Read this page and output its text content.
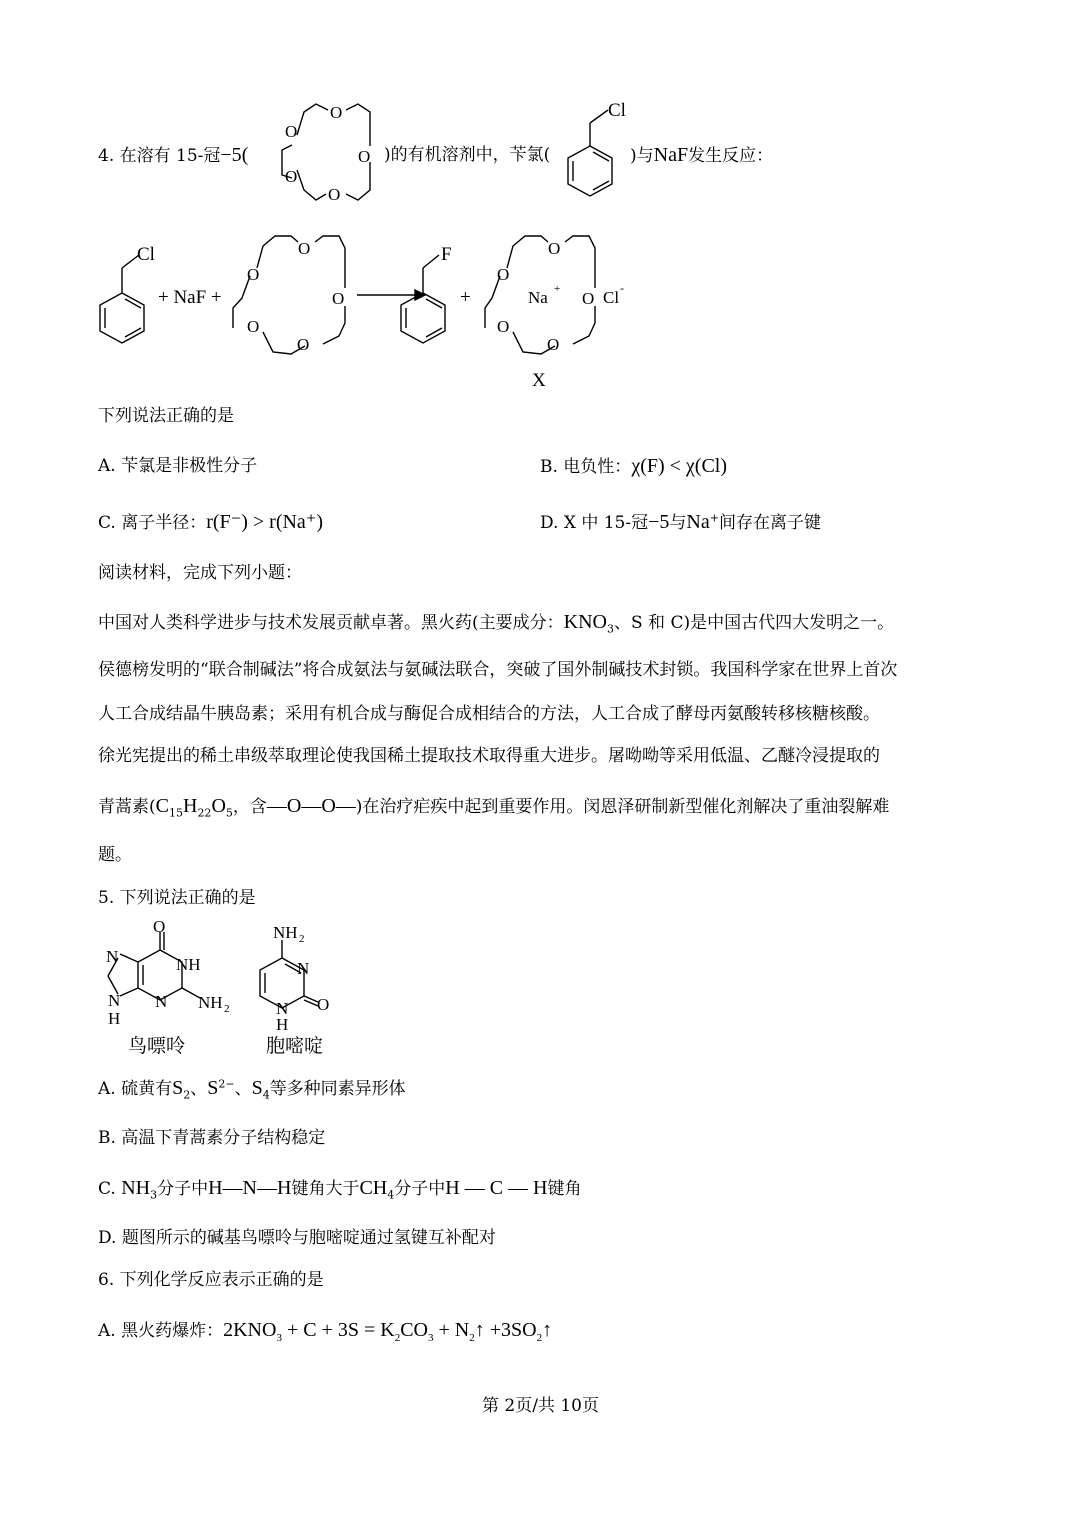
4. 在溶有 15-冠−5(
O
O
O
O
O
)的有机溶剂中，苄氯(
Cl
)与NaF发生反应：
Cl
+ NaF +
O
O
O
O
O
F
+
O
O
O
O
O
Na +	Cl -
X
下列说法正确的是
A. 苄氯是非极性分子	B. 电负性：χ(F) < χ(Cl)
C. 离子半径：r(F⁻) > r(Na⁺)	D. X 中 15-冠−5与Na+间存在离子键
阅读材料，完成下列小题：
中国对人类科学进步与技术发展贡献卓著。黑火药(主要成分：$KNO_3$、S 和 C)是中国古代四大发明之一。
侯德榜发明的“联合制碱法”将合成氨法与氨碱法联合，突破了国外制碱技术封锁。我国科学家在世界上首次
人工合成结晶牛胰岛素；采用有机合成与酶促合成相结合的方法，人工合成了酵母丙氨酸转移核糖核酸。
徐光宪提出的稀土串级萃取理论使我国稀土提取技术取得重大进步。屠呦呦等采用低温、乙醚冷浸提取的
青蒿素($C_{15}H_{22}O_5$，含—O—O—)在治疗疟疾中起到重要作用。闵恩泽研制新型催化剂解决了重油裂解难
题。
5. 下列说法正确的是
O
N	NH
N
N
H
NH 2
鸟嘌呤
NH 2
N
O
N
H
胞嘧啶
A. 硫黄有$S_2$、$S^{2-}$、$S_4$等多种同素异形体
B. 高温下青蒿素分子结构稳定
C. $NH_3$分子中H—N—H键角大于$CH_4$分子中H — C — H键角
D. 题图所示的碱基鸟嘌呤与胞嘧啶通过氢键互补配对
6. 下列化学反应表示正确的是
A. 黑火药爆炸：$2KNO_3 + C + 3S = K_2CO_3$ + $N_2↑$ $+3SO_2↑$
第 2页/共 10页
